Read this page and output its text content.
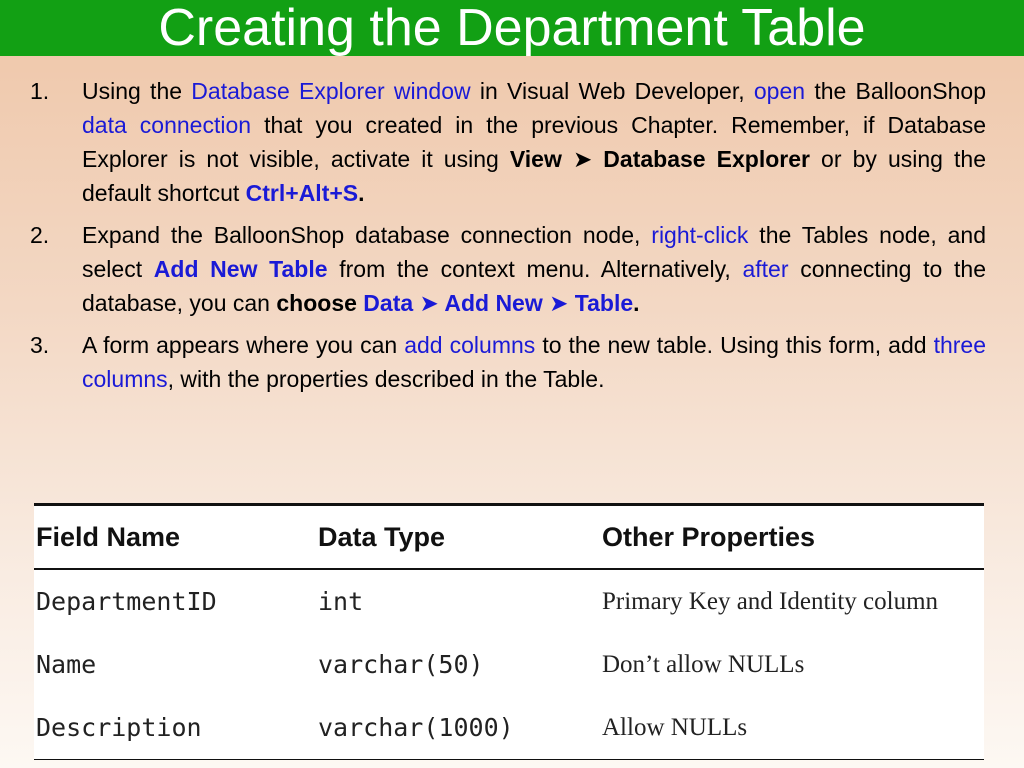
Creating the Department Table
1. Using the Database Explorer window in Visual Web Developer, open the BalloonShop data connection that you created in the previous Chapter. Remember, if Database Explorer is not visible, activate it using View ➤ Database Explorer or by using the default shortcut Ctrl+Alt+S.
2. Expand the BalloonShop database connection node, right-click the Tables node, and select Add New Table from the context menu. Alternatively, after connecting to the database, you can choose Data ➤ Add New ➤ Table.
3. A form appears where you can add columns to the new table. Using this form, add three columns, with the properties described in the Table.
Field Name	Data Type	Other Properties
DepartmentID	int	Primary Key and Identity column
Name	varchar(50)	Don’t allow NULLs
Description	varchar(1000)	Allow NULLs
